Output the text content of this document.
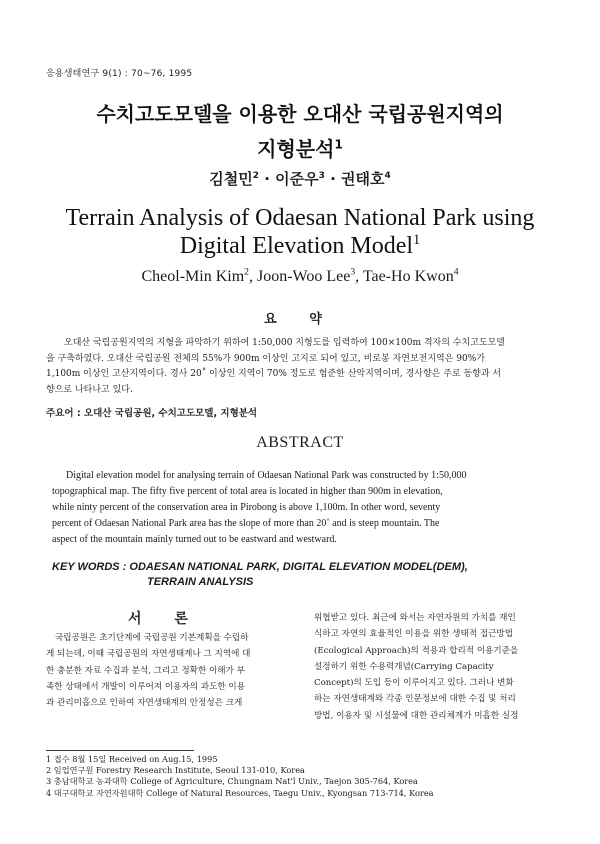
응용생태연구 9(1) : 70~76, 1995
수치고도모델을 이용한 오대산 국립공원지역의
지형분석$^1$
김철민$^2$ · 이준우$^3$ · 권태호$^4$
Terrain Analysis of Odaesan National Park using
Digital Elevation Model$^1$
Cheol-Min Kim$^2$, Joon-Woo Lee$^3$, Tae-Ho Kwon$^4$
요 약
오대산 국립공원지역의 지형을 파악하기 위하여 1:50,000 지형도를 입력하여 100×100m 격자의 수치고도모델
을 구축하였다. 오대산 국립공원 전체의 55%가 900m 이상인 고지로 되어 있고, 비로봉 자연보전지역은 90%가
1,100m 이상인 고산지역이다. 경사 20˚ 이상인 지역이 70% 정도로 험준한 산악지역이며, 경사향은 주로 동향과 서
향으로 나타나고 있다.
주요어 : 오대산 국립공원, 수치고도모델, 지형분석
ABSTRACT
Digital elevation model for analysing terrain of Odaesan National Park was constructed by 1:50,000
topographical map. The fifty five percent of total area is located in higher than 900m in elevation,
while ninty percent of the conservation area in Pirobong is above 1,100m. In other word, seventy
percent of Odaesan National Park area has the slope of more than 20˚ and is steep mountain. The
aspect of the mountain mainly turned out to be eastward and westward.
KEY WORDS : ODAESAN NATIONAL PARK, DIGITAL ELEVATION MODEL(DEM),
TERRAIN ANALYSIS
서 론
국립공원은 초기단계에 국립공원 기본계획을 수립하
게 되는데, 이때 국립공원의 자연생태계나 그 지역에 대
한 충분한 자료 수집과 분석, 그리고 정확한 이해가 부
족한 상태에서 개발이 이루어져 이용자의 과도한 이용
과 관리미흡으로 인하여 자연생태계의 안정성은 크게
위협받고 있다. 최근에 와서는 자연자원의 가치를 재인
식하고 자연의 효율적인 이용을 위한 생태적 접근방법
(Ecological Approach)의 적용과 합리적 이용기준을
설정하기 위한 수용력개념(Carrying Capacity
Concept)의 도입 등이 이루어지고 있다. 그러나 변화
하는 자연생태계와 각종 인문정보에 대한 수집 및 처리
방법, 이용자 및 시설물에 대한 관리체계가 미흡한 실정
1 접수 8월 15일 Received on Aug.15, 1995
2 임업연구원 Forestry Research Institute, Seoul 131-010, Korea
3 충남대학교 농과대학 College of Agriculture, Chungnam Nat'l Univ., Taejon 305-764, Korea
4 대구대학교 자연자원대학 College of Natural Resources, Taegu Univ., Kyongsan 713-714, Korea
